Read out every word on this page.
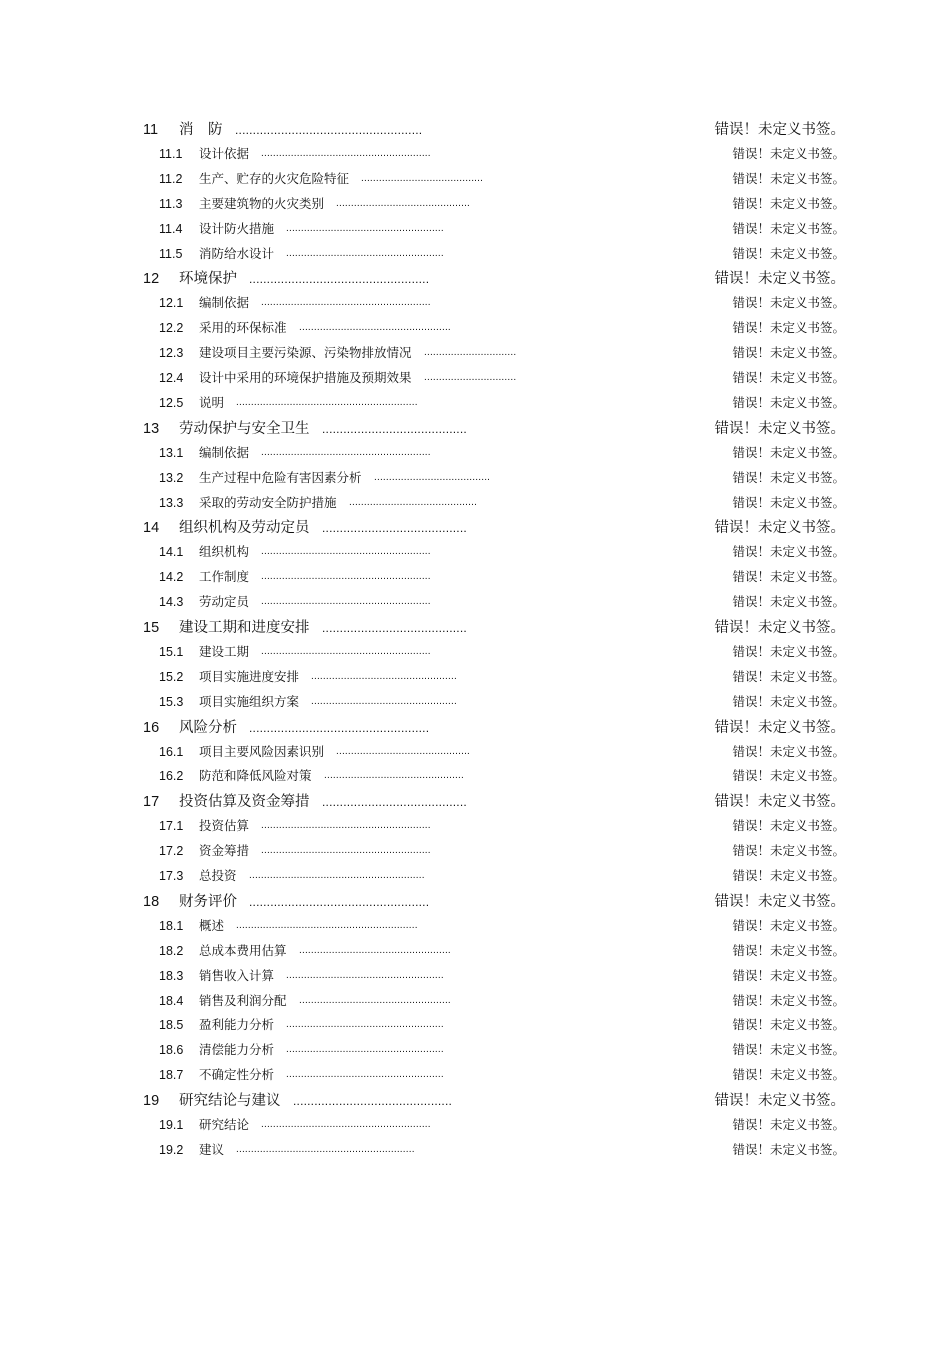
11 消　防 .....................................................	错误！未定义书签。
11.1 设计依据 .........................................................	错误！未定义书签。
11.2 生产、贮存的火灾危险特征 .........................................	错误！未定义书签。
11.3 主要建筑物的火灾类别 .............................................	错误！未定义书签。
11.4 设计防火措施 .....................................................	错误！未定义书签。
11.5 消防给水设计 .....................................................	错误！未定义书签。
12 环境保护 ...................................................	错误！未定义书签。
12.1 编制依据 .........................................................	错误！未定义书签。
12.2 采用的环保标准 ...................................................	错误！未定义书签。
12.3 建设项目主要污染源、污染物排放情况 ...............................	错误！未定义书签。
12.4 设计中采用的环境保护措施及预期效果 ...............................	错误！未定义书签。
12.5 说明 .............................................................	错误！未定义书签。
13 劳动保护与安全卫生 .........................................	错误！未定义书签。
13.1 编制依据 .........................................................	错误！未定义书签。
13.2 生产过程中危险有害因素分析 .......................................	错误！未定义书签。
13.3 采取的劳动安全防护措施 ...........................................	错误！未定义书签。
14 组织机构及劳动定员 .........................................	错误！未定义书签。
14.1 组织机构 .........................................................	错误！未定义书签。
14.2 工作制度 .........................................................	错误！未定义书签。
14.3 劳动定员 .........................................................	错误！未定义书签。
15 建设工期和进度安排 .........................................	错误！未定义书签。
15.1 建设工期 .........................................................	错误！未定义书签。
15.2 项目实施进度安排 .................................................	错误！未定义书签。
15.3 项目实施组织方案 .................................................	错误！未定义书签。
16 风险分析 ...................................................	错误！未定义书签。
16.1 项目主要风险因素识别 .............................................	错误！未定义书签。
16.2 防范和降低风险对策 ...............................................	错误！未定义书签。
17 投资估算及资金筹措 .........................................	错误！未定义书签。
17.1 投资估算 .........................................................	错误！未定义书签。
17.2 资金筹措 .........................................................	错误！未定义书签。
17.3 总投资 ...........................................................	错误！未定义书签。
18 财务评价 ...................................................	错误！未定义书签。
18.1 概述 .............................................................	错误！未定义书签。
18.2 总成本费用估算 ...................................................	错误！未定义书签。
18.3 销售收入计算 .....................................................	错误！未定义书签。
18.4 销售及利润分配 ...................................................	错误！未定义书签。
18.5 盈利能力分析 .....................................................	错误！未定义书签。
18.6 清偿能力分析 .....................................................	错误！未定义书签。
18.7 不确定性分析 .....................................................	错误！未定义书签。
19 研究结论与建议 .............................................	错误！未定义书签。
19.1 研究结论 .........................................................	错误！未定义书签。
19.2 建议 ............................................................	错误！未定义书签。
